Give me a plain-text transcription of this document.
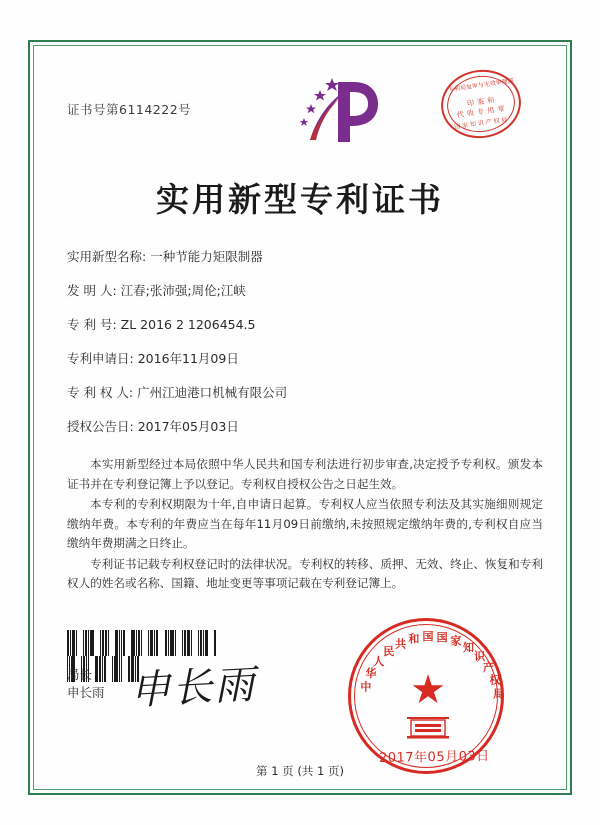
证书号第6114222号
专利局复审与无效审理部
印 鉴 和
代 收 专 用 章
国 家 知 识 产 权 局
实用新型专利证书
实用新型名称: 一种节能力矩限制器
发 明 人: 江春;张沛强;周伦;江峡
专 利 号: ZL 2016 2 1206454.5
专利申请日: 2016年11月09日
专 利 权 人: 广州江迪港口机械有限公司
授权公告日: 2017年05月03日

本实用新型经过本局依照中华人民共和国专利法进行初步审查,决定授予专利权。颁发本证书并在专利登记簿上予以登记。专利权自授权公告之日起生效。

本专利的专利权期限为十年,自申请日起算。专利权人应当依照专利法及其实施细则规定缴纳年费。本专利的年费应当在每年11月09日前缴纳,未按照规定缴纳年费的,专利权自应当缴纳年费期满之日终止。

专利证书记载专利权登记时的法律状况。专利权的转移、质押、无效、终止、恢复和专利权人的姓名或名称、国籍、地址变更等事项记载在专利登记簿上。

局长
申长雨 申长雨	★
中
华
人
民
共 和 国 国 家 知
识
产
权
局
2017年05月03日
第 1 页 (共 1 页)
